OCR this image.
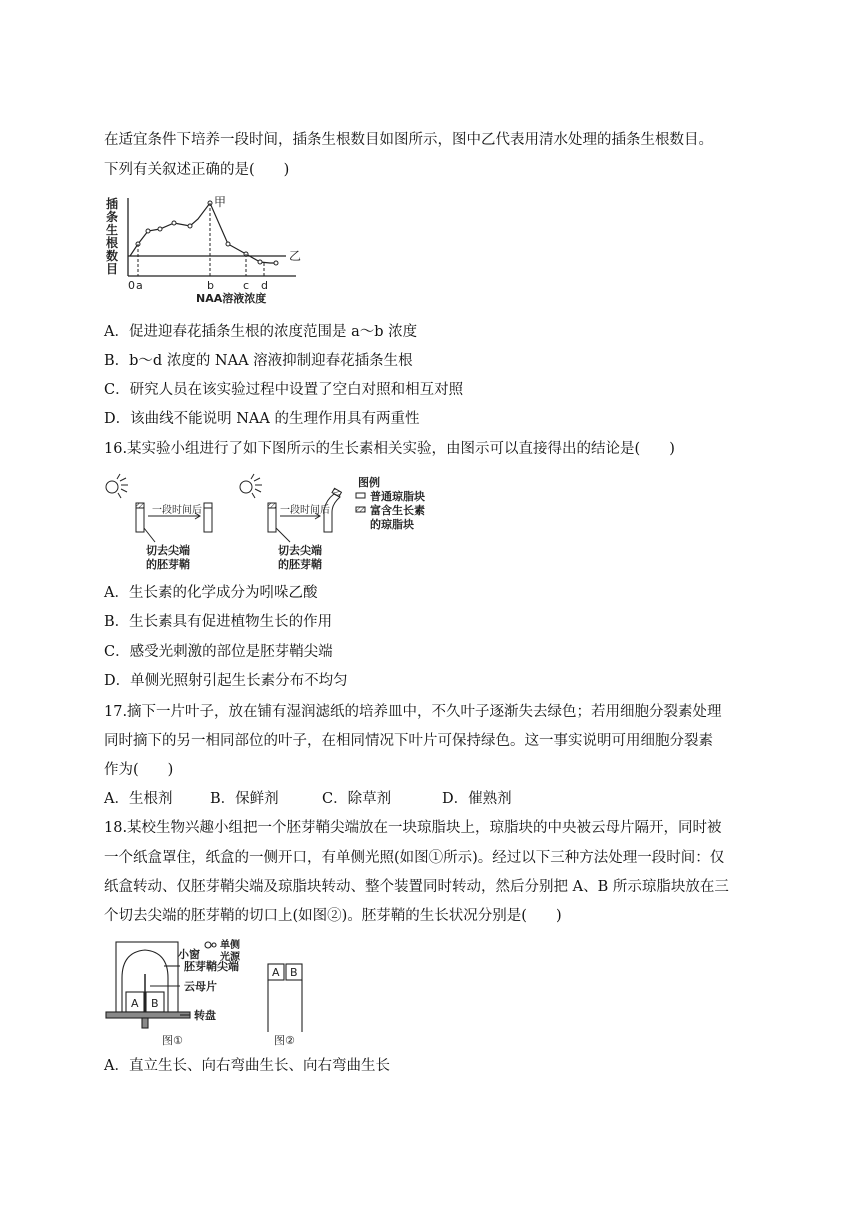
在适宜条件下培养一段时间，插条生根数目如图所示，图中乙代表用清水处理的插条生根数目。
下列有关叙述正确的是(　　)
插 条 生 根 数 目
乙
甲
0 a	b	c d
NAA溶液浓度
A．促进迎春花插条生根的浓度范围是 a～b 浓度
B．b～d 浓度的 NAA 溶液抑制迎春花插条生根
C．研究人员在该实验过程中设置了空白对照和相互对照
D．该曲线不能说明 NAA 的生理作用具有两重性
16.某实验小组进行了如下图所示的生长素相关实验，由图示可以直接得出的结论是(　　)
一段时间后
切去尖端
的胚芽鞘
一段时间后
切去尖端
的胚芽鞘
图例
普通琼脂块
富含生长素
的琼脂块
A．生长素的化学成分为吲哚乙酸
B．生长素具有促进植物生长的作用
C．感受光刺激的部位是胚芽鞘尖端
D．单侧光照射引起生长素分布不均匀
17.摘下一片叶子，放在铺有湿润滤纸的培养皿中，不久叶子逐渐失去绿色；若用细胞分裂素处理
同时摘下的另一相同部位的叶子，在相同情况下叶片可保持绿色。这一事实说明可用细胞分裂素
作为(　　)
A．生根剂	B．保鲜剂	C．除草剂	D．催熟剂
18.某校生物兴趣小组把一个胚芽鞘尖端放在一块琼脂块上，琼脂块的中央被云母片隔开，同时被
一个纸盒罩住，纸盒的一侧开口，有单侧光照(如图①所示)。经过以下三种方法处理一段时间：仅
纸盒转动、仅胚芽鞘尖端及琼脂块转动、整个装置同时转动，然后分别把 A、B 所示琼脂块放在三
个切去尖端的胚芽鞘的切口上(如图②)。胚芽鞘的生长状况分别是(　　)
小窗
单侧
光源
胚芽鞘尖端
云母片
转盘
A B
图①
A B
图②
A．直立生长、向右弯曲生长、向右弯曲生长
